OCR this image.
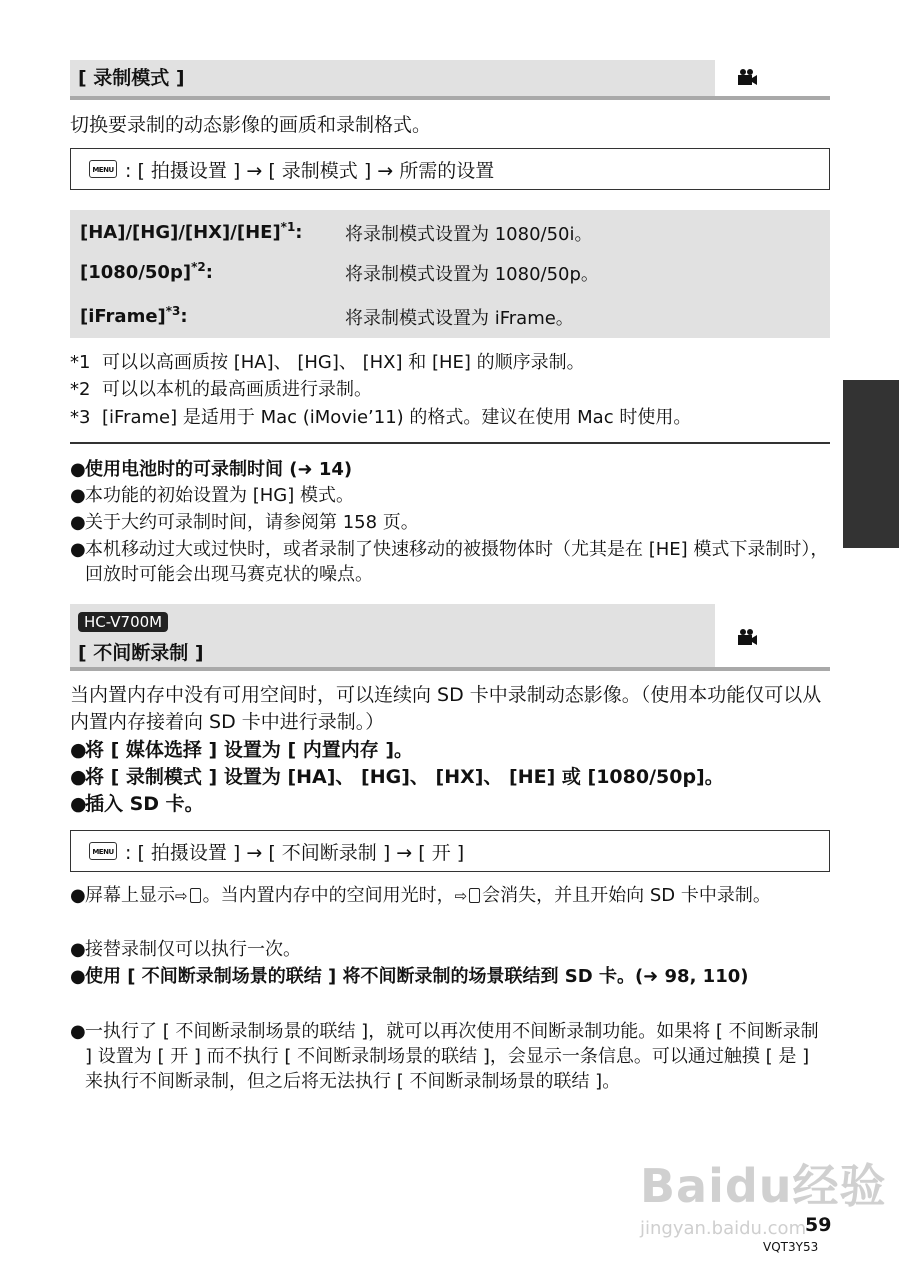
[ 录制模式 ]
切换要录制的动态影像的画质和录制格式。
MENU : [ 拍摄设置 ] → [ 录制模式 ] → 所需的设置
[HA]/[HG]/[HX]/[HE]$^{*1}$: 将录制模式设置为 1080/50i。
$[1080/50p]^{*2}$:	将录制模式设置为 1080/50p。
[iFrame]$^{*3}$:	将录制模式设置为 iFrame。
*1 可以以高画质按 [HA]、 [HG]、 [HX] 和 [HE] 的顺序录制。
*2 可以以本机的最高画质进行录制。
*3 [iFrame] 是适用于 Mac (iMovie’11) 的格式。建议在使用 Mac 时使用。
● 使用电池时的可录制时间 (➜ 14)
● 本功能的初始设置为 [HG] 模式。
● 关于大约可录制时间，请参阅第 158 页。
● 本机移动过大或过快时，或者录制了快速移动的被摄物体时（尤其是在 [HE] 模式下录制时），回放时可能会出现马赛克状的噪点。
HC-V700M
[ 不间断录制 ]
当内置内存中没有可用空间时，可以连续向 SD 卡中录制动态影像。（使用本功能仅可以从内置内存接着向 SD 卡中进行录制。）
●
将 [ 媒体选择 ] 设置为 [ 内置内存 ]。
●
将 [ 录制模式 ] 设置为 [HA]、 [HG]、 [HX]、 [HE] 或 [1080/50p]。
●
插入 SD 卡。
MENU : [ 拍摄设置 ] → [ 不间断录制 ] → [ 开 ]
● 屏幕上显示⇨ 。当内置内存中的空间用光时，⇨ 会消失，并且开始向 SD 卡中录制。
● 接替录制仅可以执行一次。
● 使用 [ 不间断录制场景的联结 ] 将不间断录制的场景联结到 SD 卡。(➜ 98, 110)
● 一执行了 [ 不间断录制场景的联结 ]，就可以再次使用不间断录制功能。如果将 [ 不间断录制 ] 设置为 [ 开 ] 而不执行 [ 不间断录制场景的联结 ]，会显示一条信息。可以通过触摸 [ 是 ] 来执行不间断录制，但之后将无法执行 [ 不间断录制场景的联结 ]。
Baidu经验
jingyan.baidu.com
59
VQT3Y53
